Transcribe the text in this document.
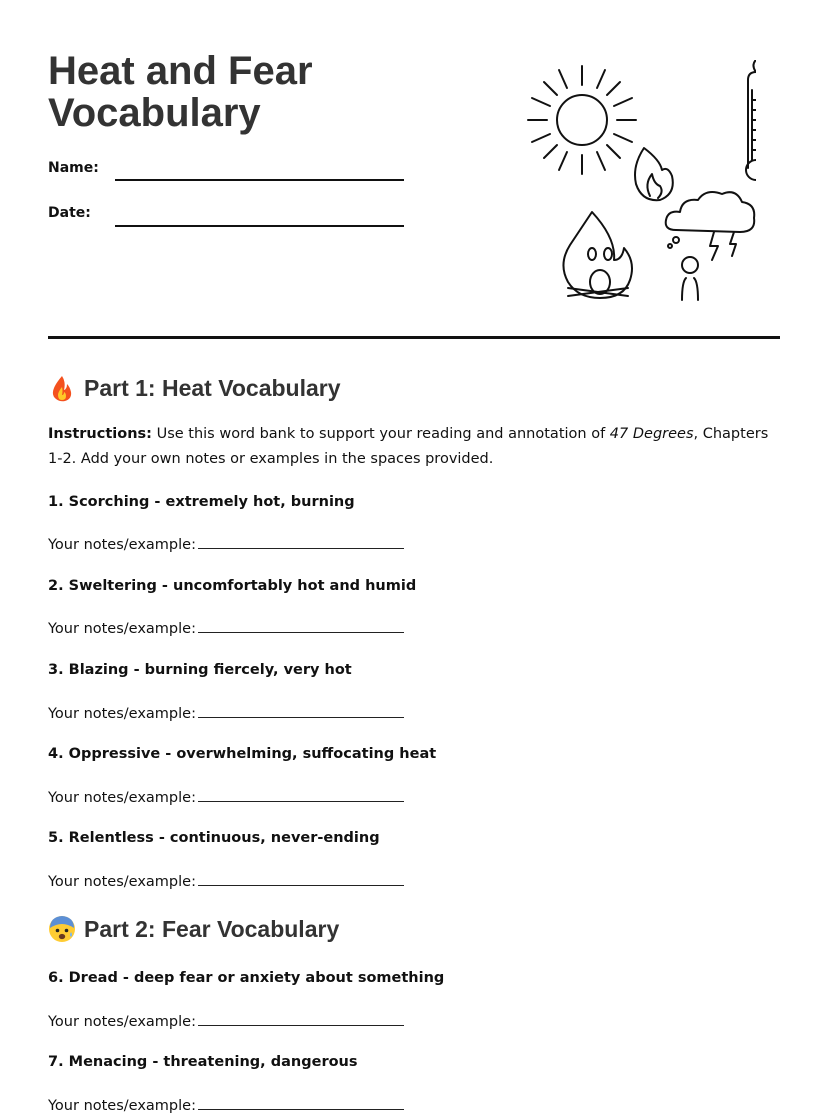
Heat and Fear
Vocabulary
Name:
Date:
Part 1: Heat Vocabulary
Instructions: Use this word bank to support your reading and annotation of 47 Degrees, Chapters 1-2. Add your own notes or examples in the spaces provided.
1. Scorching - extremely hot, burning
Your notes/example:
2. Sweltering - uncomfortably hot and humid
Your notes/example:
3. Blazing - burning fiercely, very hot
Your notes/example:
4. Oppressive - overwhelming, suffocating heat
Your notes/example:
5. Relentless - continuous, never-ending
Your notes/example:
Part 2: Fear Vocabulary
6. Dread - deep fear or anxiety about something
Your notes/example:
7. Menacing - threatening, dangerous
Your notes/example:
